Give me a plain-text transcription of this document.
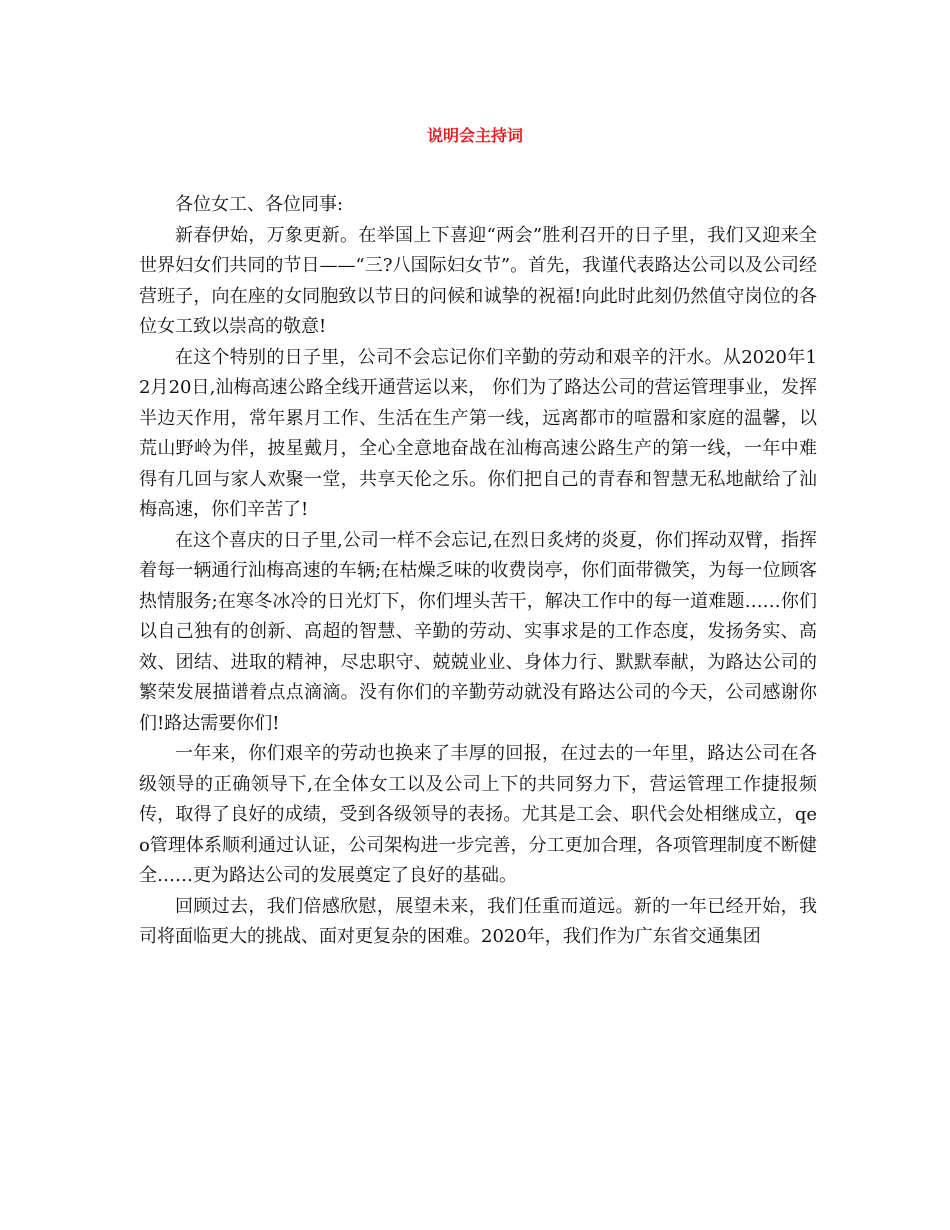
说明会主持词

各位女工、各位同事:

新春伊始，万象更新。在举国上下喜迎“两会”胜利召开的日子里，我们又迎来全世界妇女们共同的节日——“三?八国际妇女节”。首先，我谨代表路达公司以及公司经营班子，向在座的女同胞致以节日的问候和诚挚的祝福!向此时此刻仍然值守岗位的各位女工致以崇高的敬意!

在这个特别的日子里，公司不会忘记你们辛勤的劳动和艰辛的汗水。从2020年12月20日,汕梅高速公路全线开通营运以来， 你们为了路达公司的营运管理事业，发挥半边天作用，常年累月工作、生活在生产第一线，远离都市的喧嚣和家庭的温馨，以荒山野岭为伴，披星戴月，全心全意地奋战在汕梅高速公路生产的第一线，一年中难得有几回与家人欢聚一堂，共享天伦之乐。你们把自己的青春和智慧无私地献给了汕梅高速，你们辛苦了!

在这个喜庆的日子里,公司一样不会忘记,在烈日炙烤的炎夏，你们挥动双臂，指挥着每一辆通行汕梅高速的车辆;在枯燥乏味的收费岗亭，你们面带微笑，为每一位顾客热情服务;在寒冬冰冷的日光灯下，你们埋头苦干，解决工作中的每一道难题……你们以自己独有的创新、高超的智慧、辛勤的劳动、实事求是的工作态度，发扬务实、高效、团结、进取的精神，尽忠职守、兢兢业业、身体力行、默默奉献，为路达公司的繁荣发展描谱着点点滴滴。没有你们的辛勤劳动就没有路达公司的今天，公司感谢你们!路达需要你们!

一年来，你们艰辛的劳动也换来了丰厚的回报，在过去的一年里，路达公司在各级领导的正确领导下,在全体女工以及公司上下的共同努力下，营运管理工作捷报频传，取得了良好的成绩，受到各级领导的表扬。尤其是工会、职代会处相继成立，qeo管理体系顺利通过认证，公司架构进一步完善，分工更加合理，各项管理制度不断健全……更为路达公司的发展奠定了良好的基础。

回顾过去，我们倍感欣慰，展望未来，我们任重而道远。新的一年已经开始，我司将面临更大的挑战、面对更复杂的困难。2020年，我们作为广东省交通集团
